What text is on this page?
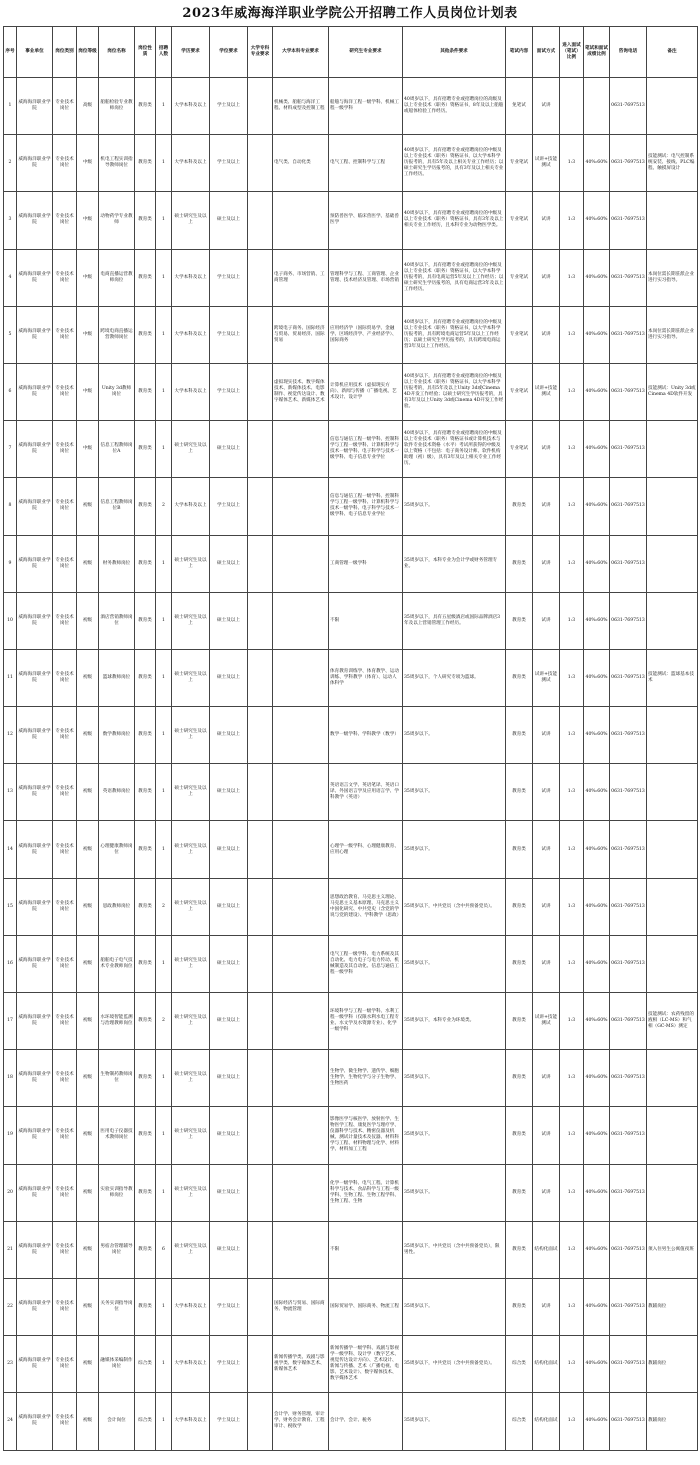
2023年威海海洋职业学院公开招聘工作人员岗位计划表
序号	事业单位	岗位类别	岗位等级	岗位名称	岗位性质	招聘人数	学历要求	学位要求	大学专科专业要求	大学本科专业要求	研究生专业要求	其他条件要求	笔试内容	面试方式	进入面试（笔试）比例	笔试和面试成绩比例	咨询电话	备注
1	威海海洋职业学院	专业技术岗位	高级	船舶检验专业教师岗位	教育类	1	大学本科及以上	学士及以上		机械类、船舶与海洋工程、材料成型及控制工程	船舶与海洋工程一级学科、机械工程一级学科	40周岁以下，具有招聘专业或招聘岗位的高级及以上专业技术（职务）资格证书，8年及以上船舶或船体检验工作经历。	免笔试	试讲			0631-7697513	
2	威海海洋职业学院	专业技术岗位	中级	机电工程实训指导教师岗位	教育类	1	大学本科及以上	学士及以上		电气类、自动化类	电气工程、控制科学与工程	40周岁以下，具有招聘专业或招聘岗位的中级及以上专业技术（职务）资格证书，以大学本科学历报考的，具有5年及以上相关专业工作经历；以硕士研究生学历报考的，具有3年及以上相关专业工作经历。	专业笔试	试讲+技能测试	1:3	40%:60%	0631-7697513	技能测试：电气控制系统安装、接线、PLC编程、触摸屏设计
3	威海海洋职业学院	专业技术岗位	中级	动物药学专业教师	教育类	1	硕士研究生及以上	硕士及以上			预防兽医学、临床兽医学、基础兽医学	40周岁以下，具有招聘专业或招聘岗位的中级及以上专业技术（职务）资格证书，具有3年及以上相关专业工作经历，且本科专业为动物医学类。	专业笔试	试讲	1:3	40%:60%	0631-7697513	
4	威海海洋职业学院	专业技术岗位	中级	电商直播运营教师岗位	教育类	1	大学本科及以上	学士及以上		电子商务、市场营销、工商管理	管理科学与工程、工商管理、企业管理、技术经济及管理、市场营销	40周岁以下，具有招聘专业或招聘岗位的中级及以上专业技术（职务）资格证书，以大学本科学历报考的，具有电商运营5年及以上工作经历；以硕士研究生学历报考的，具有电商运营3年及以上工作经历。	专业笔试	试讲	1:3	40%:60%	0631-7697513	本岗位需长期驻派企业进行实习指导。
5	威海海洋职业学院	专业技术岗位	中级	跨境电商直播运营教师岗位	教育类	1	大学本科及以上	学士及以上		跨境电子商务、国际经济与贸易、贸易经济、国际贸易	应用经济学（国际贸易学、金融学、区域经济学、产业经济学）、国际商务	40周岁以下，具有招聘专业或招聘岗位的中级及以上专业技术（职务）资格证书，以大学本科学历报考的，具有跨境电商运营5年及以上工作经历；以硕士研究生学历报考的，具有跨境电商运营3年及以上工作经历。	专业笔试	试讲	1:3	40%:60%	0631-7697513	本岗位需长期驻派企业进行实习指导。
6	威海海洋职业学院	专业技术岗位	中级	Unity 3d教师岗位	教育类	1	大学本科及以上	学士及以上		虚拟现实技术、数字媒体技术、新媒体技术、电影制作、视觉传达设计、数字媒体艺术、新媒体艺术	计算机应用技术（虚拟现实方向）、新闻与传播（广播电视、艺术设计、设计学	40周岁以下，具有招聘专业或招聘岗位的中级及以上专业技术（职务）资格证书，以大学本科学历报考的，具有5年及以上Unity 3d或Cinema 4D开发工作经验；以硕士研究生学历报考的，具有3年及以上Unity 3d或Cinema 4D开发工作经验。	专业笔试	试讲+技能测试	1:3	40%:60%	0631-7697513	技能测试：Unity 3d或Cinema 4D软件开发
7	威海海洋职业学院	专业技术岗位	中级	信息工程教师岗位A	教育类	1	硕士研究生及以上	硕士及以上			信息与通信工程一级学科、控制科学与工程一级学科、计算机科学与技术一级学科、电子科学与技术一级学科、电子信息专业学位	40周岁以下，具有招聘专业或招聘岗位的中级及以上专业技术（职务）资格证书或计算机技术与软件专业技术资格（水平）考试所获得的中级及以上资格（不包括：电子商务设计师、软件机构助理（初）级），具有3年及以上相关专业工作经历。	专业笔试	试讲	1:3	40%:60%	0631-7697513	
8	威海海洋职业学院	专业技术岗位	初级	信息工程教师岗位B	教育类	2	大学本科及以上	学士及以上			信息与通信工程一级学科、控制科学与工程一级学科、计算机科学与技术一级学科、电子科学与技术一级学科、电子信息专业学位	35周岁以下。	教育类	试讲	1:3	40%:60%	0631-7697513	
9	威海海洋职业学院	专业技术岗位	初级	财务教师岗位	教育类	1	硕士研究生及以上	硕士及以上			工商管理一级学科	35周岁以下，本科专业为会计学或财务管理专业。	教育类	试讲	1:3	40%:60%	0631-7697513	
10	威海海洋职业学院	专业技术岗位	初级	酒店营销教师岗位	教育类	1	硕士研究生及以上	硕士及以上			不限	35周岁以下，具有五星级酒店或国际品牌酒店3年及以上营销管理工作经历。	教育类	试讲	1:3	40%:60%	0631-7697513	
11	威海海洋职业学院	专业技术岗位	初级	篮球教师岗位	教育类	1	硕士研究生及以上	硕士及以上			体育教育训练学、体育教学、运动训练、学科教学（体育）、运动人体科学	35周岁以下，个人研究专项为篮球。	教育类	试讲+技能测试	1:3	40%:60%	0631-7697513	技能测试：篮球基本技术
12	威海海洋职业学院	专业技术岗位	初级	数学教师岗位	教育类	1	硕士研究生及以上	硕士及以上			数学一级学科、学科教学（数学）	35周岁以下。	教育类	试讲	1:3	40%:60%	0631-7697513	
13	威海海洋职业学院	专业技术岗位	初级	英语教师岗位	教育类	1	硕士研究生及以上	硕士及以上			英语语言文学、英语笔译、英语口译、外国语言学及应用语言学、学科教学（英语）	35周岁以下。	教育类	试讲	1:3	40%:60%	0631-7697513	
14	威海海洋职业学院	专业技术岗位	初级	心理健康教师岗位	教育类	1	硕士研究生及以上	硕士及以上			心理学一级学科、心理健康教育、应用心理	35周岁以下。	教育类	试讲	1:3	40%:60%	0631-7697513	
15	威海海洋职业学院	专业技术岗位	初级	思政教师岗位	教育类	2	硕士研究生及以上	硕士及以上			思想政治教育、马克思主义理论、马克思主义基本原理、马克思主义中国化研究、中共党史（含党的学说与党的建设）、学科教学（思政）	35周岁以下，中共党员（含中共预备党员）。	教育类	试讲	1:3	40%:60%	0631-7697513	
16	威海海洋职业学院	专业技术岗位	初级	船舶电子电气技术专业教师岗位	教育类	1	硕士研究生及以上	硕士及以上			电气工程一级学科、电力系统及其自动化、电力电子与电力传动、机械制造及其自动化、信息与通信工程一级学科	35周岁以下。	教育类	试讲	1:3	40%:60%	0631-7697513	
17	威海海洋职业学院	专业技术岗位	初级	水环境智能监测与治理教师岗位	教育类	2	硕士研究生及以上	硕士及以上			环境科学与工程一级学科、水利工程一级学科（仅限水利水电工程专业、水文学及水资源专业）、化学一级学科	35周岁以下，本科专业为环境类。	教育类	试讲+技能测试	1:3	40%:60%	0631-7697513	技能测试：农药残留的液相（LC-MS）和气相（GC-MS）测定
18	威海海洋职业学院	专业技术岗位	初级	生物制药教师岗位	教育类	1	硕士研究生及以上	硕士及以上			生物学、微生物学、遗传学、细胞生物学、生物化学与分子生物学、生物医药	35周岁以下。	教育类	试讲	1:3	40%:60%	0631-7697513	
19	威海海洋职业学院	专业技术岗位	初级	医用电子仪器技术教师岗位	教育类	1	硕士研究生及以上	硕士及以上			影像医学与核医学、放射医学、生物医学工程、康复医学与理疗学、仪器科学与技术、精密仪器及机械、测试计量技术及仪器、材料科学与工程、材料物理与化学、材料学、材料加工工程	35周岁以下。	教育类	试讲	1:3	40%:60%	0631-7697513	
20	威海海洋职业学院	专业技术岗位	初级	实验实训指导教师岗位	教育类	1	硕士研究生及以上	硕士及以上			化学一级学科、电气工程、计算机科学与技术、食品科学与工程一级学科、生物工程、生物工程学科、生物工程、生物	35周岁以下。	教育类	试讲	1:3	40%:60%	0631-7697513	
21	威海海洋职业学院	专业技术岗位	初级	男宿舍管理辅导岗位	教育类	6	硕士研究生及以上	硕士及以上			不限	35周岁以下，中共党员（含中共预备党员），限男性。	教育类	结构化面试	1:3	40%:60%	0631-7697513	须入住男生公寓值夜班
22	威海海洋职业学院	专业技术岗位	初级	关务实训指导岗位	教育类	1	大学本科及以上	学士及以上		国际经济与贸易、国际商务、物流管理	国际贸易学、国际商务、物流工程	35周岁以下。	教育类	试讲	1:3	40%:60%	0631-7697513	教辅岗位
23	威海海洋职业学院	专业技术岗位	初级	融媒体采编制作岗位	综合类	1	大学本科及以上	学士及以上		新闻传播学类、戏剧与影视学类、数字媒体艺术、新媒体艺术	新闻传播学一级学科、戏剧与影视学一级学科、设计学（数字艺术、视觉传达设计方向）、艺术设计、新闻与传播、艺术（广播电视、电影、艺术设计）、数字媒体技术、数字媒体艺术	35周岁以下，中共党员（含中共预备党员）。	综合类	结构化面试	1:3	40%:60%	0631-7697513	教辅岗位
24	威海海洋职业学院	专业技术岗位	初级	会计岗位	综合类	1	大学本科及以上	学士及以上		会计学、财务管理、审计学、财务会计教育、工程审计、税收学	会计学、会计、税务	35周岁以下。	综合类	结构化面试	1:3	40%:60%	0631-7697513	教辅岗位
